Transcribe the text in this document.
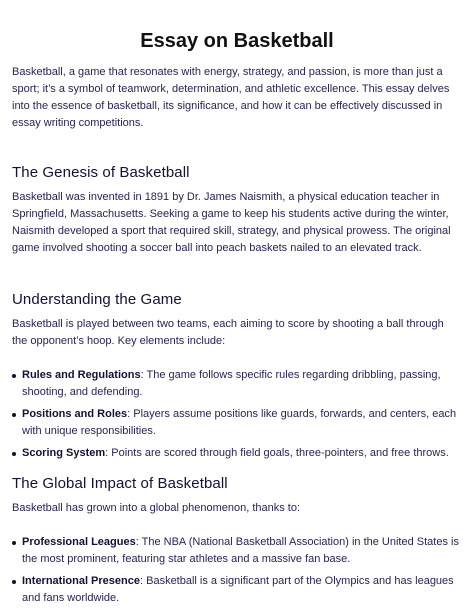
Essay on Basketball

Basketball, a game that resonates with energy, strategy, and passion, is more than just a sport; it’s a symbol of teamwork, determination, and athletic excellence. This essay delves into the essence of basketball, its significance, and how it can be effectively discussed in essay writing competitions.

The Genesis of Basketball

Basketball was invented in 1891 by Dr. James Naismith, a physical education teacher in Springfield, Massachusetts. Seeking a game to keep his students active during the winter, Naismith developed a sport that required skill, strategy, and physical prowess. The original game involved shooting a soccer ball into peach baskets nailed to an elevated track.

Understanding the Game

Basketball is played between two teams, each aiming to score by shooting a ball through the opponent’s hoop. Key elements include:

Rules and Regulations: The game follows specific rules regarding dribbling, passing, shooting, and defending.
Positions and Roles: Players assume positions like guards, forwards, and centers, each with unique responsibilities.
Scoring System: Points are scored through field goals, three-pointers, and free throws.
The Global Impact of Basketball

Basketball has grown into a global phenomenon, thanks to:

Professional Leagues: The NBA (National Basketball Association) in the United States is the most prominent, featuring star athletes and a massive fan base.
International Presence: Basketball is a significant part of the Olympics and has leagues and fans worldwide.
